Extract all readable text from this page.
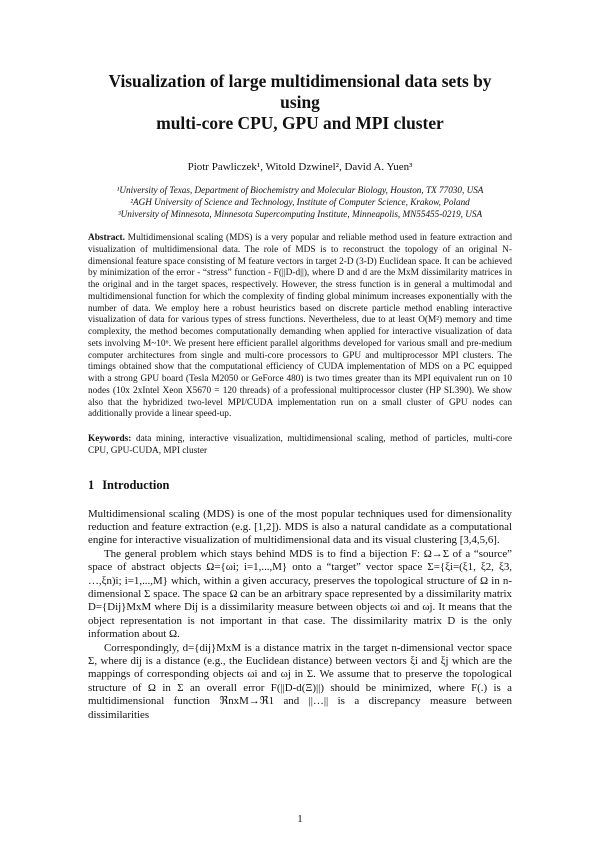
Visualization of large multidimensional data sets by using
multi-core CPU, GPU and MPI cluster
Piotr Pawliczek¹, Witold Dzwinel², David A. Yuen³
¹University of Texas, Department of Biochemistry and Molecular Biology, Houston, TX 77030, USA
²AGH University of Science and Technology, Institute of Computer Science, Krakow, Poland
³University of Minnesota, Minnesota Supercomputing Institute, Minneapolis, MN55455-0219, USA

Abstract. Multidimensional scaling (MDS) is a very popular and reliable method used in feature extraction and visualization of multidimensional data. The role of MDS is to reconstruct the topology of an original N-dimensional feature space consisting of M feature vectors in target 2-D (3-D) Euclidean space. It can be achieved by minimization of the error - “stress” function - F(||D-d||), where D and d are the MxM dissimilarity matrices in the original and in the target spaces, respectively. However, the stress function is in general a multimodal and multidimensional function for which the complexity of finding global minimum increases exponentially with the number of data. We employ here a robust heuristics based on discrete particle method enabling interactive visualization of data for various types of stress functions. Nevertheless, due to at least O(M²) memory and time complexity, the method becomes computationally demanding when applied for interactive visualization of data sets involving M~10⁶. We present here efficient parallel algorithms developed for various small and pre-medium computer architectures from single and multi-core processors to GPU and multiprocessor MPI clusters. The timings obtained show that the computational efficiency of CUDA implementation of MDS on a PC equipped with a strong GPU board (Tesla M2050 or GeForce 480) is two times greater than its MPI equivalent run on 10 nodes (10x 2xIntel Xeon X5670 = 120 threads) of a professional multiprocessor cluster (HP SL390). We show also that the hybridized two-level MPI/CUDA implementation run on a small cluster of GPU nodes can additionally provide a linear speed-up.

Keywords: data mining, interactive visualization, multidimensional scaling, method of particles, multi-core CPU, GPU-CUDA, MPI cluster

1 Introduction

Multidimensional scaling (MDS) is one of the most popular techniques used for dimensionality reduction and feature extraction (e.g. [1,2]). MDS is also a natural candidate as a computational engine for interactive visualization of multidimensional data and its visual clustering [3,4,5,6].

The general problem which stays behind MDS is to find a bijection F: Ω→Σ of a “source” space of abstract objects Ω={ωi; i=1,...,M} onto a “target” vector space Σ={ξi=(ξ1, ξ2, ξ3, …,ξn)i; i=1,...,M} which, within a given accuracy, preserves the topological structure of Ω in n-dimensional Σ space. The space Ω can be an arbitrary space represented by a dissimilarity matrix D={Dij}MxM where Dij is a dissimilarity measure between objects ωi and ωj. It means that the object representation is not important in that case. The dissimilarity matrix D is the only information about Ω.

Correspondingly, d={dij}MxM is a distance matrix in the target n-dimensional vector space Σ, where dij is a distance (e.g., the Euclidean distance) between vectors ξi and ξj which are the mappings of corresponding objects ωi and ωj in Σ. We assume that to preserve the topological structure of Ω in Σ an overall error F(||D-d(Ξ)||) should be minimized, where F(.) is a multidimensional function ℜnxM→ℜ1 and ||…|| is a discrepancy measure between dissimilarities

1
